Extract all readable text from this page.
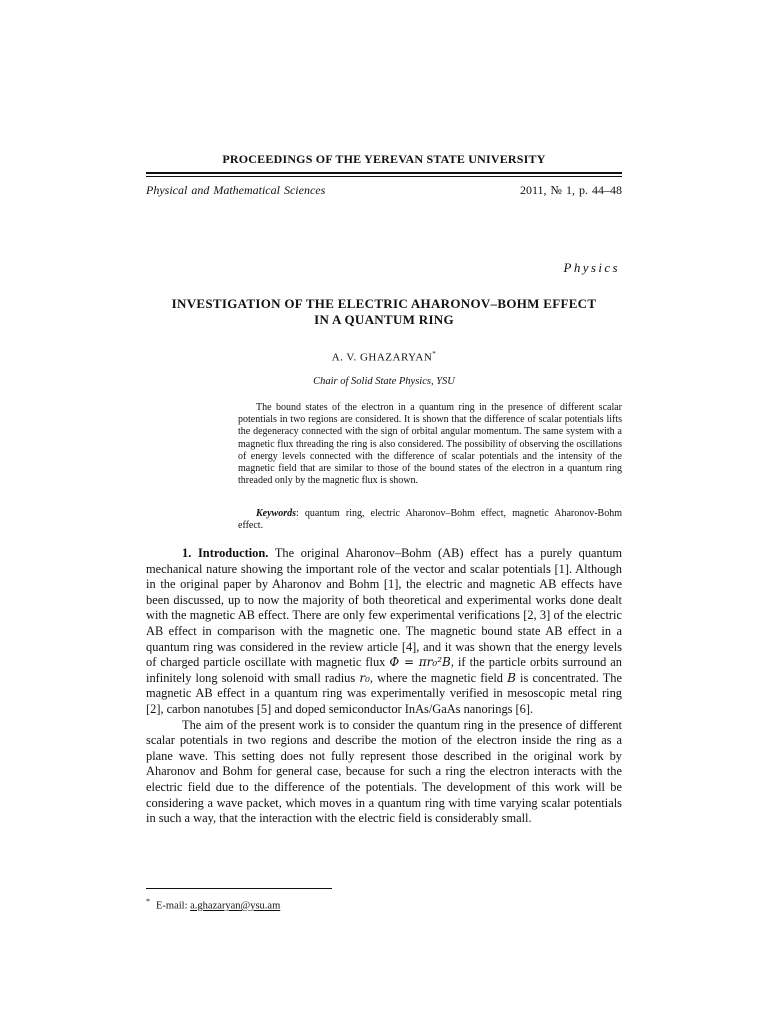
PROCEEDINGS OF THE YEREVAN STATE UNIVERSITY
Physical and Mathematical Sciences	2011, № 1, p. 44–48
Physics
INVESTIGATION OF THE ELECTRIC AHARONOV–BOHM EFFECT
IN A QUANTUM RING
A. V. GHAZARYAN*
Chair of Solid State Physics, YSU

The bound states of the electron in a quantum ring in the presence of different scalar potentials in two regions are considered. It is shown that the difference of scalar potentials lifts the degeneracy connected with the sign of orbital angular momentum. The same system with a magnetic flux threading the ring is also considered. The possibility of observing the oscillations of energy levels connected with the difference of scalar potentials and the intensity of the magnetic field that are similar to those of the bound states of the electron in a quantum ring threaded only by the magnetic flux is shown.

Keywords: quantum ring, electric Aharonov–Bohm effect, magnetic Aharonov-Bohm effect.

1. Introduction. The original Aharonov–Bohm (AB) effect has a purely quantum mechanical nature showing the important role of the vector and scalar potentials [1]. Although in the original paper by Aharonov and Bohm [1], the electric and magnetic AB effects have been discussed, up to now the majority of both theoretical and experimental works done dealt with the magnetic AB effect. There are only few experimental verifications [2, 3] of the electric AB effect in comparison with the magnetic one. The magnetic bound state AB effect in a quantum ring was considered in the review article [4], and it was shown that the energy levels of charged particle oscillate with magnetic flux Φ = πr₀²B, if the particle orbits surround an infinitely long solenoid with small radius r₀, where the magnetic field B is concentrated. The magnetic AB effect in a quantum ring was experimentally verified in mesoscopic metal ring [2], carbon nanotubes [5] and doped semiconductor InAs/GaAs nanorings [6].

The aim of the present work is to consider the quantum ring in the presence of different scalar potentials in two regions and describe the motion of the electron inside the ring as a plane wave. This setting does not fully represent those described in the original work by Aharonov and Bohm for general case, because for such a ring the electron interacts with the electric field due to the difference of the potentials. The development of this work will be considering a wave packet, which moves in a quantum ring with time varying scalar potentials in such a way, that the interaction with the electric field is considerably small.

* E-mail: a.ghazaryan@ysu.am
